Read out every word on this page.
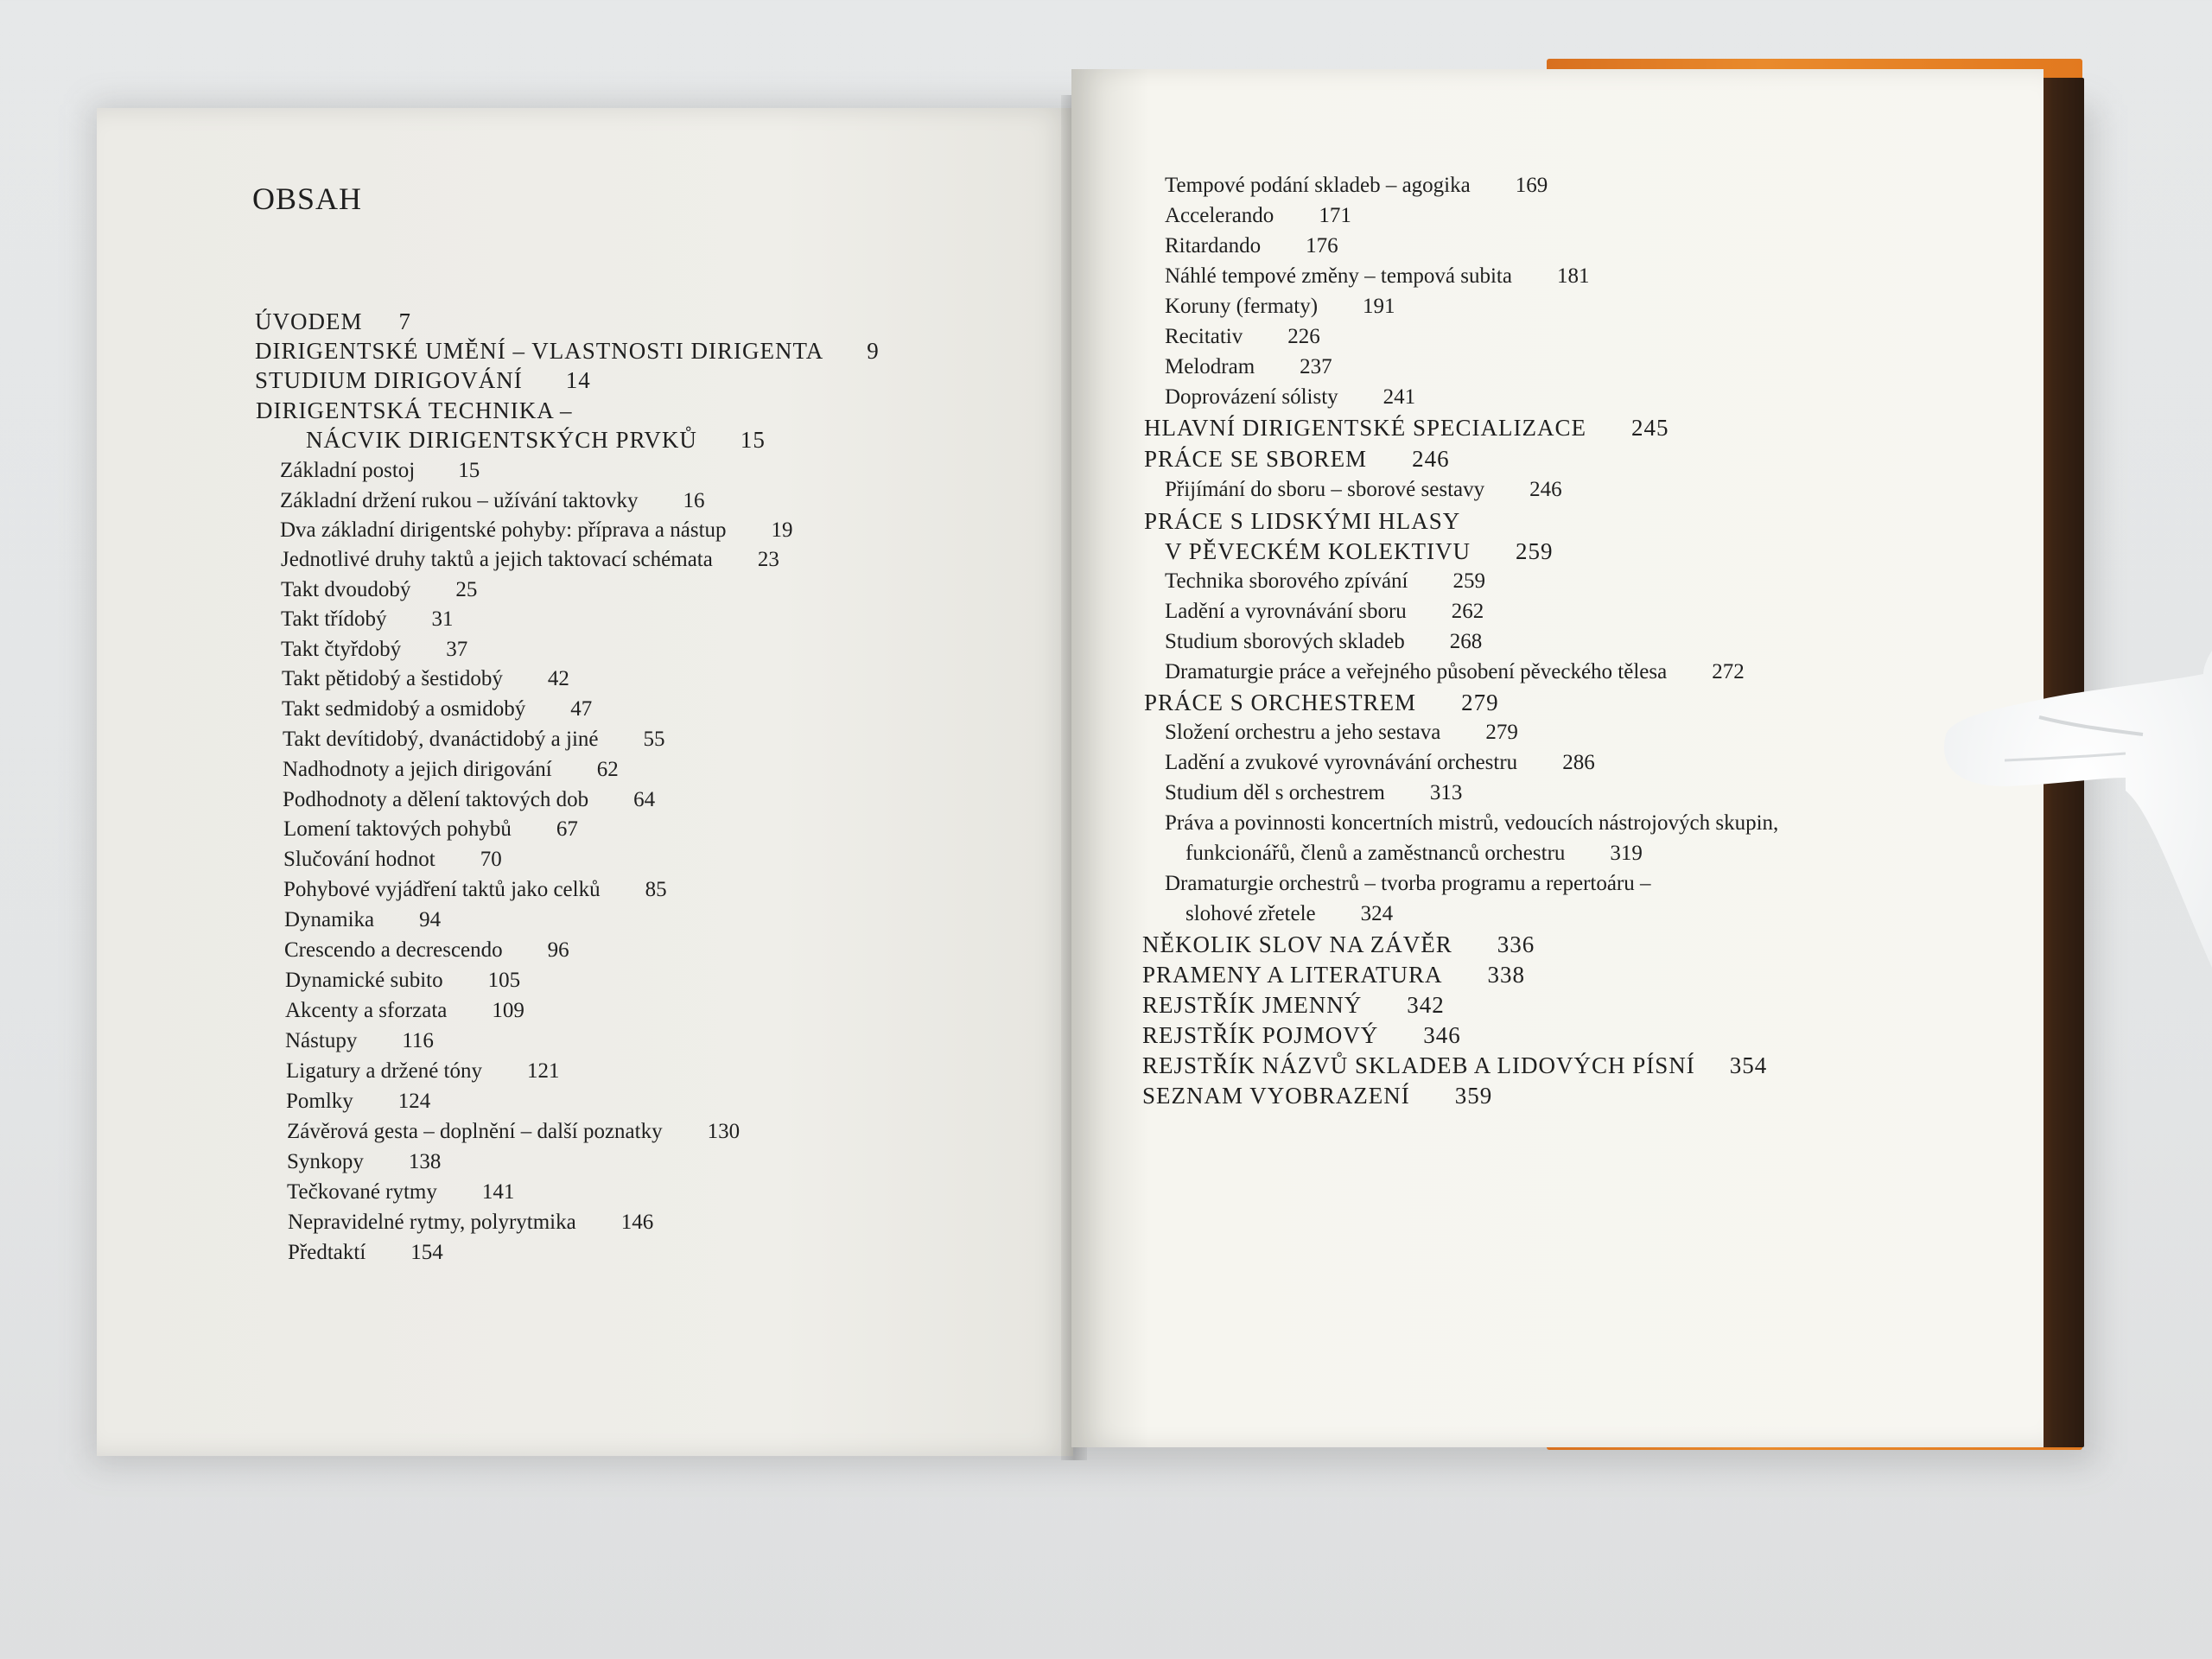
OBSAH
ÚVODEM 7
DIRIGENTSKÉ UMĚNÍ – VLASTNOSTI DIRIGENTA 9
STUDIUM DIRIGOVÁNÍ 14
DIRIGENTSKÁ TECHNIKA –
NÁCVIK DIRIGENTSKÝCH PRVKŮ 15
Základní postoj 15
Základní držení rukou – užívání taktovky 16
Dva základní dirigentské pohyby: příprava a nástup 19
Jednotlivé druhy taktů a jejich taktovací schémata 23
Takt dvoudobý 25
Takt třídobý 31
Takt čtyřdobý 37
Takt pětidobý a šestidobý 42
Takt sedmidobý a osmidobý 47
Takt devítidobý, dvanáctidobý a jiné 55
Nadhodnoty a jejich dirigování 62
Podhodnoty a dělení taktových dob 64
Lomení taktových pohybů 67
Slučování hodnot 70
Pohybové vyjádření taktů jako celků 85
Dynamika 94
Crescendo a decrescendo 96
Dynamické subito 105
Akcenty a sforzata 109
Nástupy 116
Ligatury a držené tóny 121
Pomlky 124
Závěrová gesta – doplnění – další poznatky 130
Synkopy 138
Tečkované rytmy 141
Nepravidelné rytmy, polyrytmika 146
Předtaktí 154
Tempové podání skladeb – agogika 169
Accelerando 171
Ritardando 176
Náhlé tempové změny – tempová subita 181
Koruny (fermaty) 191
Recitativ 226
Melodram 237
Doprovázení sólisty 241
HLAVNÍ DIRIGENTSKÉ SPECIALIZACE 245
PRÁCE SE SBOREM 246
Přijímání do sboru – sborové sestavy 246
PRÁCE S LIDSKÝMI HLASY
V PĚVECKÉM KOLEKTIVU 259
Technika sborového zpívání 259
Ladění a vyrovnávání sboru 262
Studium sborových skladeb 268
Dramaturgie práce a veřejného působení pěveckého tělesa 272
PRÁCE S ORCHESTREM 279
Složení orchestru a jeho sestava 279
Ladění a zvukové vyrovnávání orchestru 286
Studium děl s orchestrem 313
Práva a povinnosti koncertních mistrů, vedoucích nástrojových skupin,
funkcionářů, členů a zaměstnanců orchestru 319
Dramaturgie orchestrů – tvorba programu a repertoáru –
slohové zřetele 324
NĚKOLIK SLOV NA ZÁVĚR 336
PRAMENY A LITERATURA 338
REJSTŘÍK JMENNÝ 342
REJSTŘÍK POJMOVÝ 346
REJSTŘÍK NÁZVŮ SKLADEB A LIDOVÝCH PÍSNÍ 354
SEZNAM VYOBRAZENÍ 359
